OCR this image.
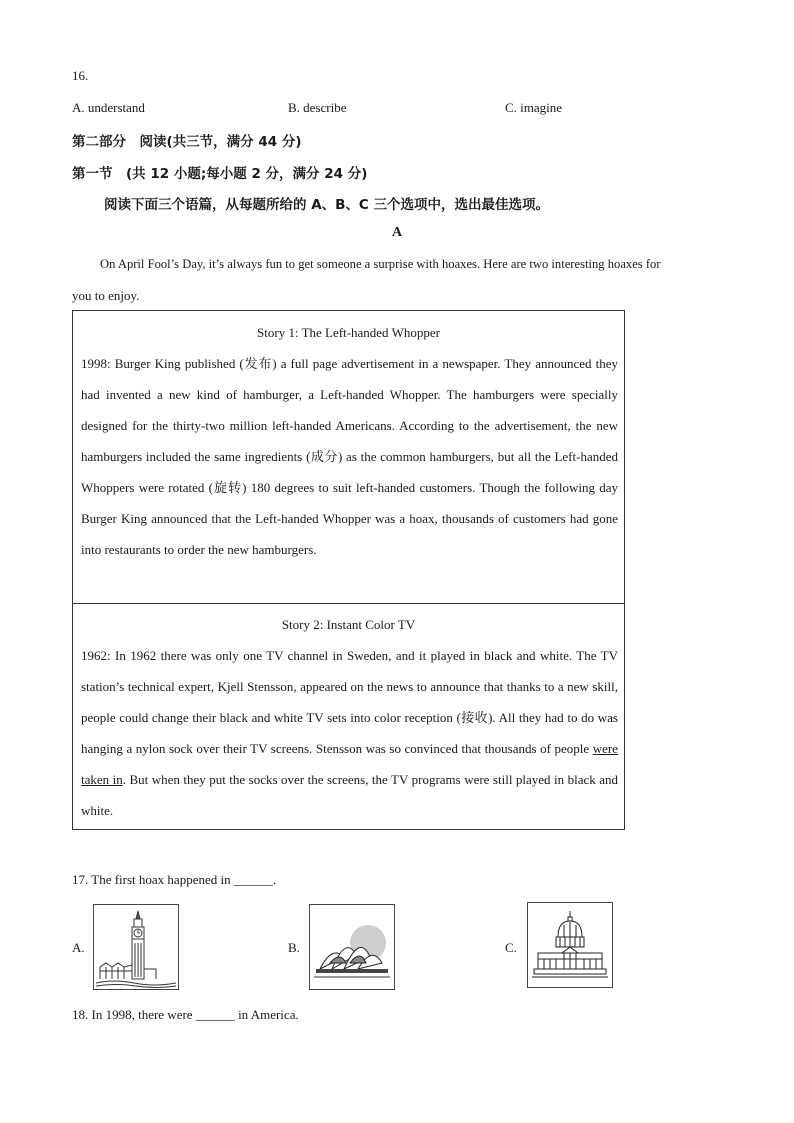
16.
A. understand	B. describe	C. imagine
第二部分　阅读(共三节，满分 44 分)
第一节　(共 12 小题;每小题 2 分，满分 24 分)
阅读下面三个语篇，从每题所给的 A、B、C 三个选项中，选出最佳选项。
A
On April Fool’s Day, it’s always fun to get someone a surprise with hoaxes. Here are two interesting hoaxes for
you to enjoy.
Story 1: The Left-handed Whopper
1998: Burger King published (发布) a full page advertisement in a newspaper. They announced they had invented a new kind of hamburger, a Left-handed Whopper. The hamburgers were specially designed for the thirty-two million left-handed Americans. According to the advertisement, the new hamburgers included the same ingredients (成分) as the common hamburgers, but all the Left-handed Whoppers were rotated (旋转) 180 degrees to suit left-handed customers. Though the following day Burger King announced that the Left-handed Whopper was a hoax, thousands of customers had gone into restaurants to order the new hamburgers.
Story 2: Instant Color TV
1962: In 1962 there was only one TV channel in Sweden, and it played in black and white. The TV station’s technical expert, Kjell Stensson, appeared on the news to announce that thanks to a new skill, people could change their black and white TV sets into color reception (接收). All they had to do was hanging a nylon sock over their TV screens. Stensson was so convinced that thousands of people were taken in. But when they put the socks over the screens, the TV programs were still played in black and white.
17. The first hoax happened in ______.
A.	B.	C.
18. In 1998, there were ______ in America.
